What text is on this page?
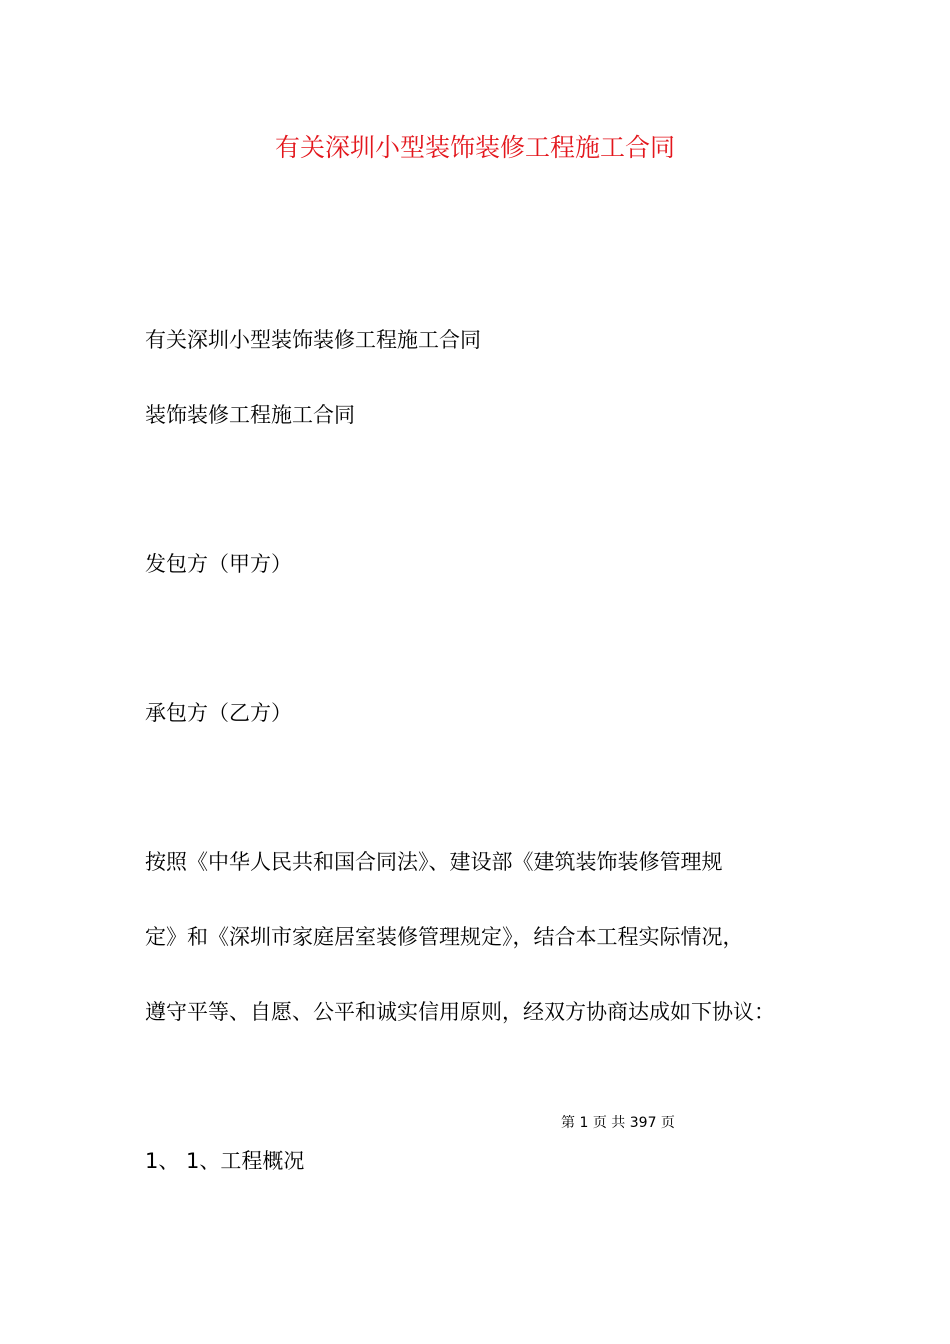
有关深圳小型装饰装修工程施工合同

有关深圳小型装饰装修工程施工合同

装饰装修工程施工合同

发包方（甲方）

承包方（乙方）

按照《中华人民共和国合同法》、建设部《建筑装饰装修管理规

定》和《深圳市家庭居室装修管理规定》，结合本工程实际情况，

遵守平等、自愿、公平和诚实信用原则，经双方协商达成如下协议：

第 1 页 共 397 页

1、 1、工程概况
